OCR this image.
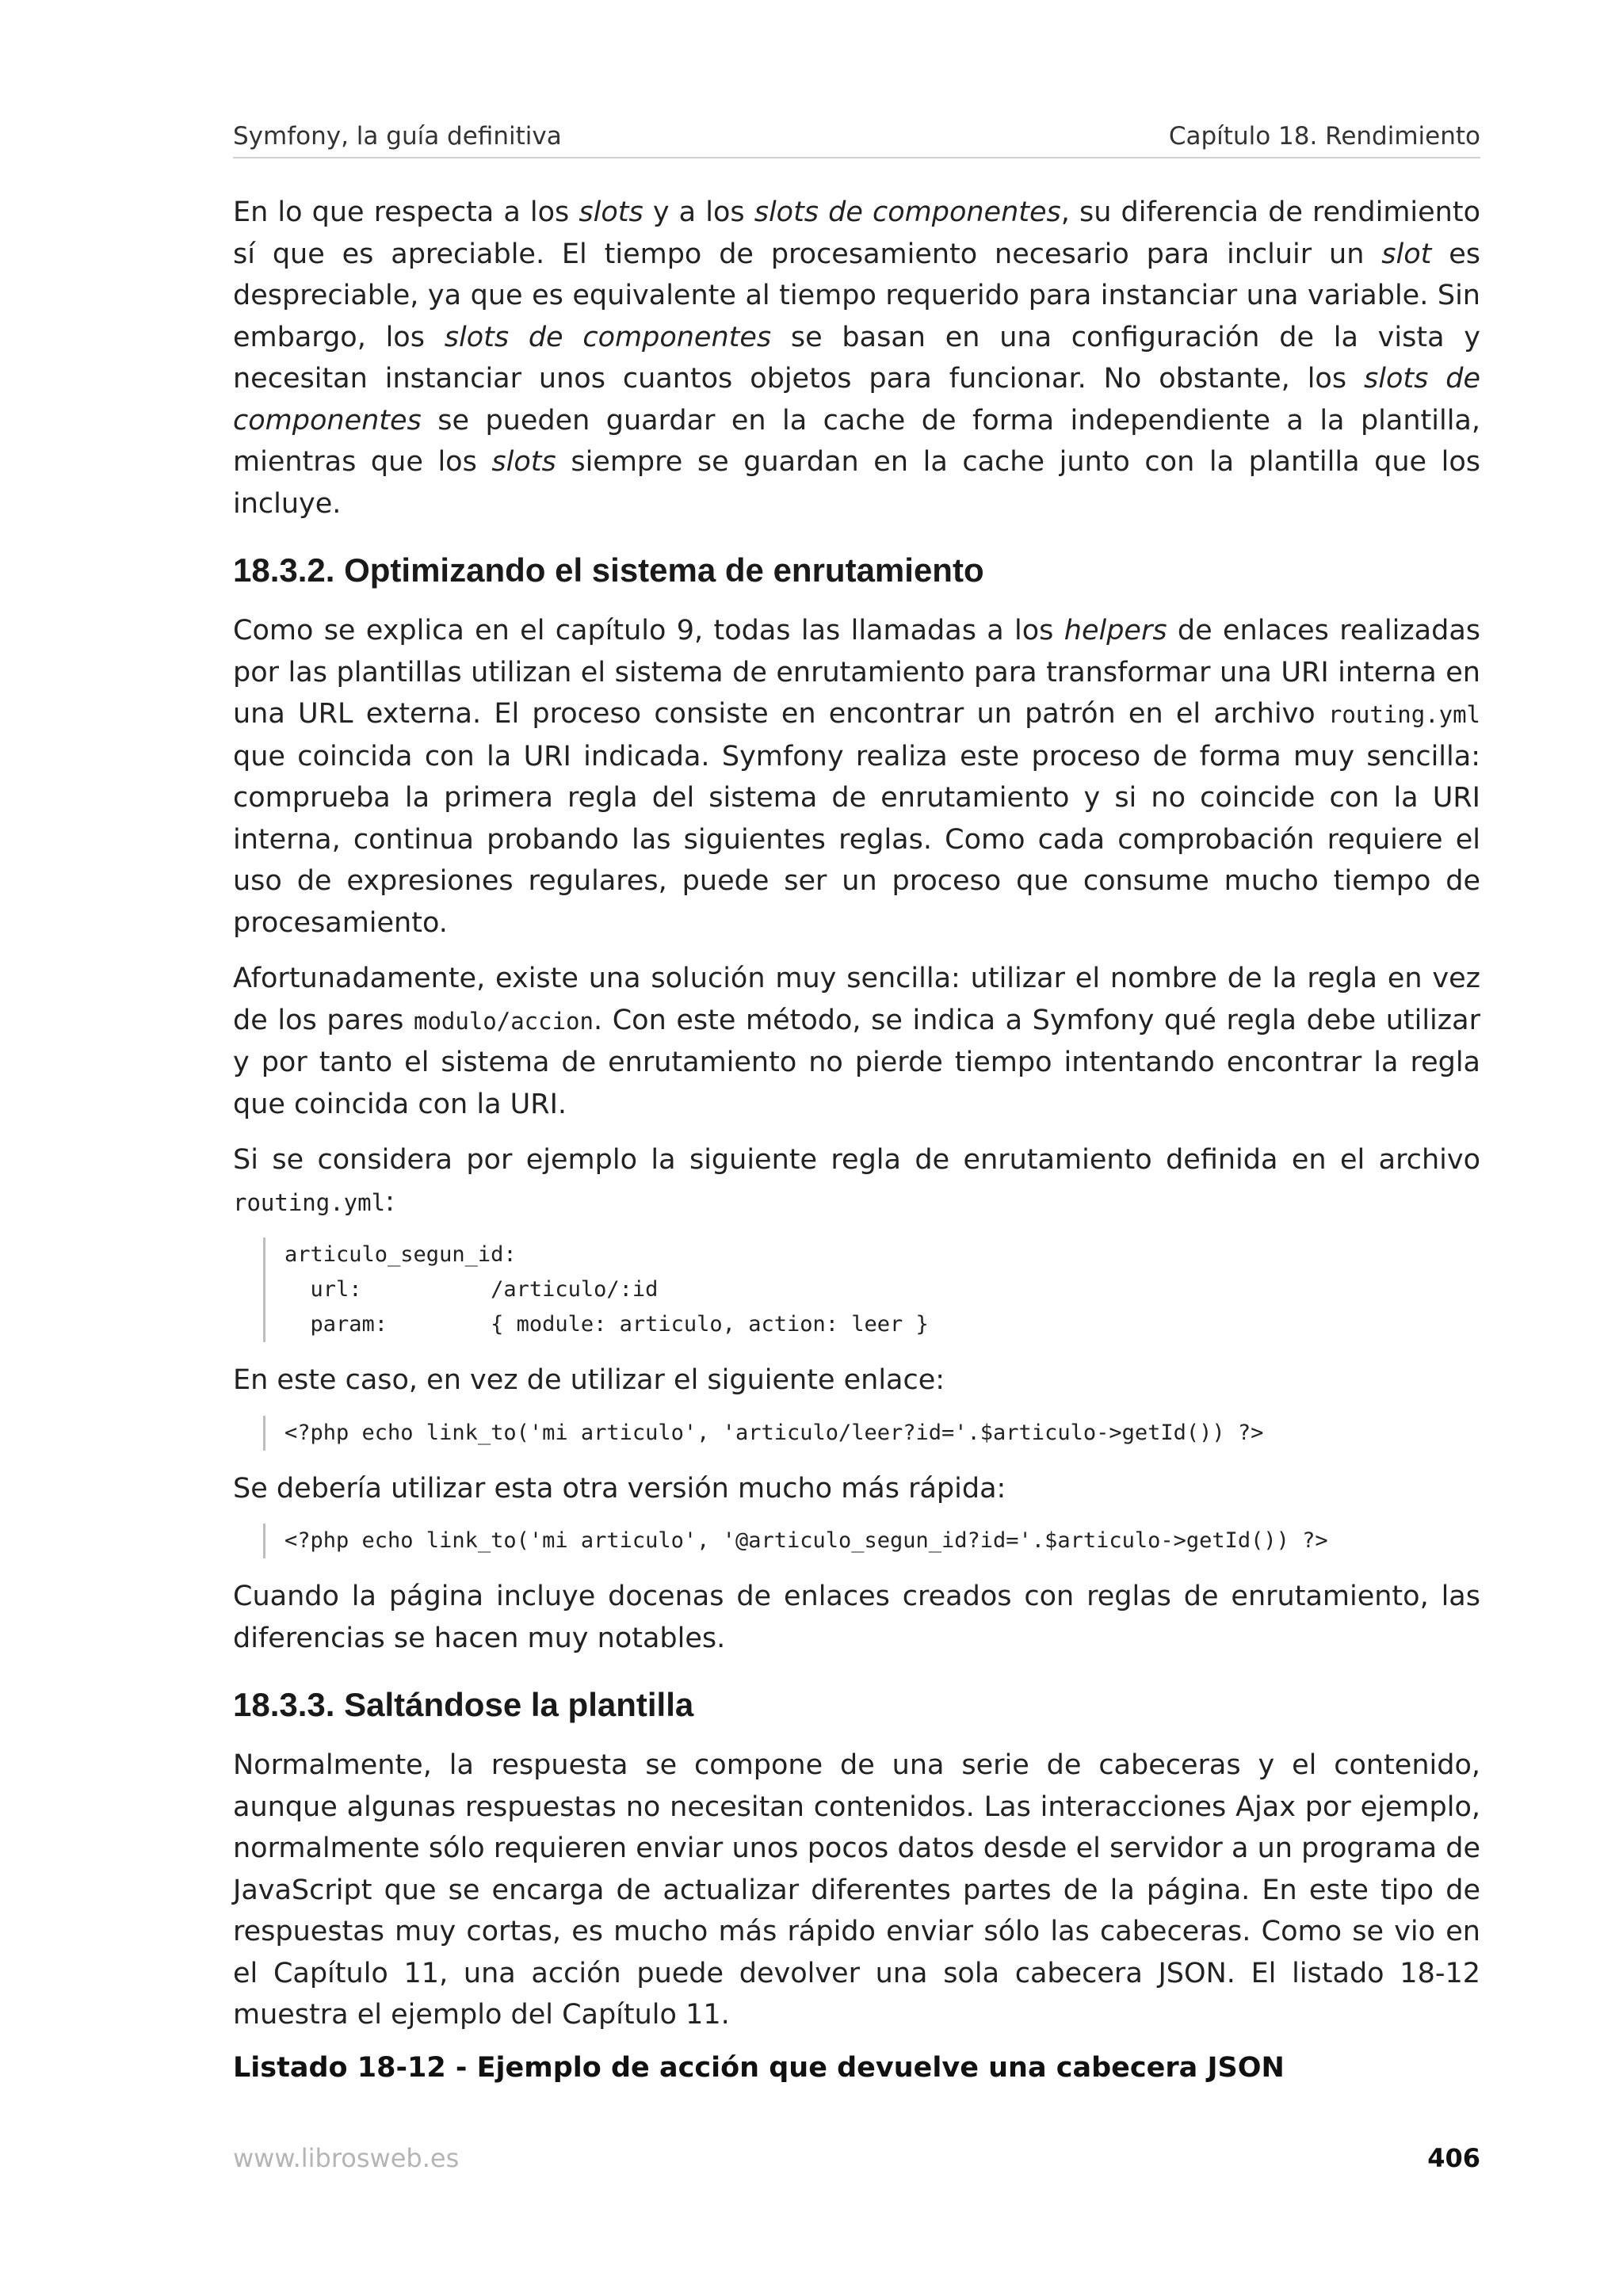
Symfony, la guía definitiva	Capítulo 18. Rendimiento

En lo que respecta a los slots y a los slots de componentes, su diferencia de rendimiento sí que es apreciable. El tiempo de procesamiento necesario para incluir un slot es despreciable, ya que es equivalente al tiempo requerido para instanciar una variable. Sin embargo, los slots de componentes se basan en una configuración de la vista y necesitan instanciar unos cuantos objetos para funcionar. No obstante, los slots de componentes se pueden guardar en la cache de forma independiente a la plantilla, mientras que los slots siempre se guardan en la cache junto con la plantilla que los incluye.

18.3.2. Optimizando el sistema de enrutamiento

Como se explica en el capítulo 9, todas las llamadas a los helpers de enlaces realizadas por las plantillas utilizan el sistema de enrutamiento para transformar una URI interna en una URL externa. El proceso consiste en encontrar un patrón en el archivo routing.yml que coincida con la URI indicada. Symfony realiza este proceso de forma muy sencilla: comprueba la primera regla del sistema de enrutamiento y si no coincide con la URI interna, continua probando las siguientes reglas. Como cada comprobación requiere el uso de expresiones regulares, puede ser un proceso que consume mucho tiempo de procesamiento.

Afortunadamente, existe una solución muy sencilla: utilizar el nombre de la regla en vez de los pares modulo/accion. Con este método, se indica a Symfony qué regla debe utilizar y por tanto el sistema de enrutamiento no pierde tiempo intentando encontrar la regla que coincida con la URI.

Si se considera por ejemplo la siguiente regla de enrutamiento definida en el archivo routing.yml:

articulo_segun_id:
url:          /articulo/:id
param:        { module: articulo, action: leer }

En este caso, en vez de utilizar el siguiente enlace:

<?php echo link_to('mi articulo', 'articulo/leer?id='.$articulo->getId()) ?>

Se debería utilizar esta otra versión mucho más rápida:

<?php echo link_to('mi articulo', '@articulo_segun_id?id='.$articulo->getId()) ?>

Cuando la página incluye docenas de enlaces creados con reglas de enrutamiento, las diferencias se hacen muy notables.

18.3.3. Saltándose la plantilla

Normalmente, la respuesta se compone de una serie de cabeceras y el contenido, aunque algunas respuestas no necesitan contenidos. Las interacciones Ajax por ejemplo, normalmente sólo requieren enviar unos pocos datos desde el servidor a un programa de JavaScript que se encarga de actualizar diferentes partes de la página. En este tipo de respuestas muy cortas, es mucho más rápido enviar sólo las cabeceras. Como se vio en el Capítulo 11, una acción puede devolver una sola cabecera JSON. El listado 18-12 muestra el ejemplo del Capítulo 11.

Listado 18-12 - Ejemplo de acción que devuelve una cabecera JSON
www.librosweb.es	406
